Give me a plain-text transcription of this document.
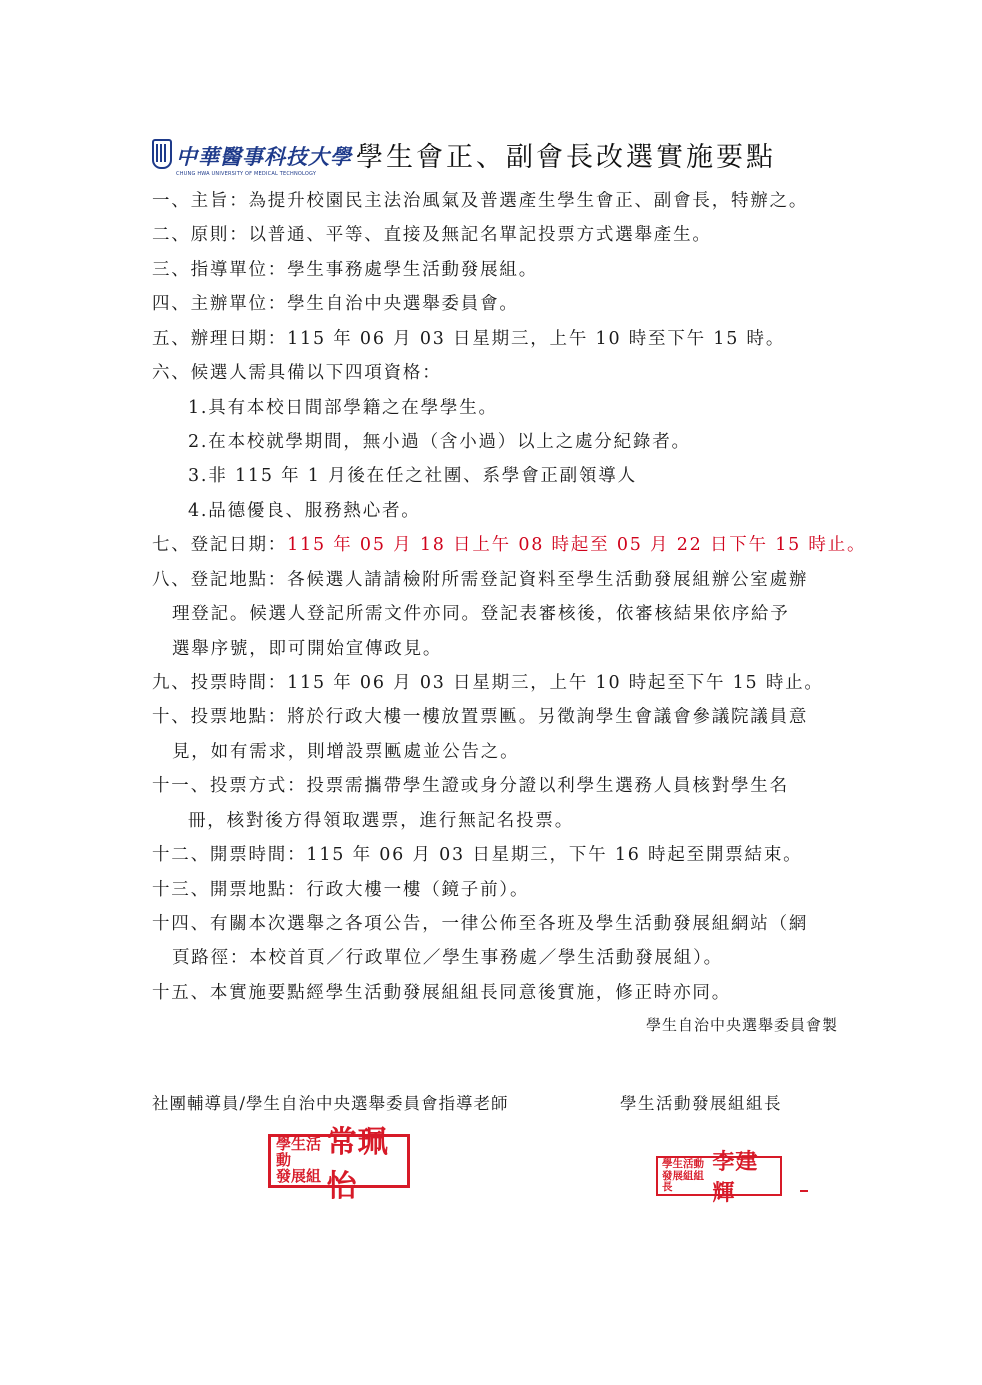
中華醫事科技大學
CHUNG HWA UNIVERSITY OF MEDICAL TECHNOLOGY
學生會正、副會長改選實施要點
一、主旨：為提升校園民主法治風氣及普選產生學生會正、副會長，特辦之。
二、原則：以普通、平等、直接及無記名單記投票方式選舉產生。
三、指導單位：學生事務處學生活動發展組。
四、主辦單位：學生自治中央選舉委員會。
五、辦理日期：115 年 06 月 03 日星期三，上午 10 時至下午 15 時。
六、候選人需具備以下四項資格：
1.具有本校日間部學籍之在學學生。
2.在本校就學期間，無小過（含小過）以上之處分紀錄者。
3.非 115 年 1 月後在任之社團、系學會正副領導人
4.品德優良、服務熱心者。
七、登記日期：115 年 05 月 18 日上午 08 時起至 05 月 22 日下午 15 時止。
八、登記地點：各候選人請請檢附所需登記資料至學生活動發展組辦公室處辦
理登記。候選人登記所需文件亦同。登記表審核後，依審核結果依序給予
選舉序號，即可開始宣傳政見。
九、投票時間：115 年 06 月 03 日星期三，上午 10 時起至下午 15 時止。
十、投票地點：將於行政大樓一樓放置票匭。另徵詢學生會議會參議院議員意
見，如有需求，則增設票匭處並公告之。
十一、投票方式：投票需攜帶學生證或身分證以利學生選務人員核對學生名
冊，核對後方得領取選票，進行無記名投票。
十二、開票時間：115 年 06 月 03 日星期三，下午 16 時起至開票結束。
十三、開票地點：行政大樓一樓（鏡子前）。
十四、有關本次選舉之各項公告，一律公佈至各班及學生活動發展組網站（網
頁路徑：本校首頁／行政單位／學生事務處／學生活動發展組）。
十五、本實施要點經學生活動發展組組長同意後實施，修正時亦同。
學生自治中央選舉委員會製
社團輔導員/學生自治中央選舉委員會指導老師	學生活動發展組組長
學生活動
發展組
常珮怡
學生活動
發展組組長
李建輝
